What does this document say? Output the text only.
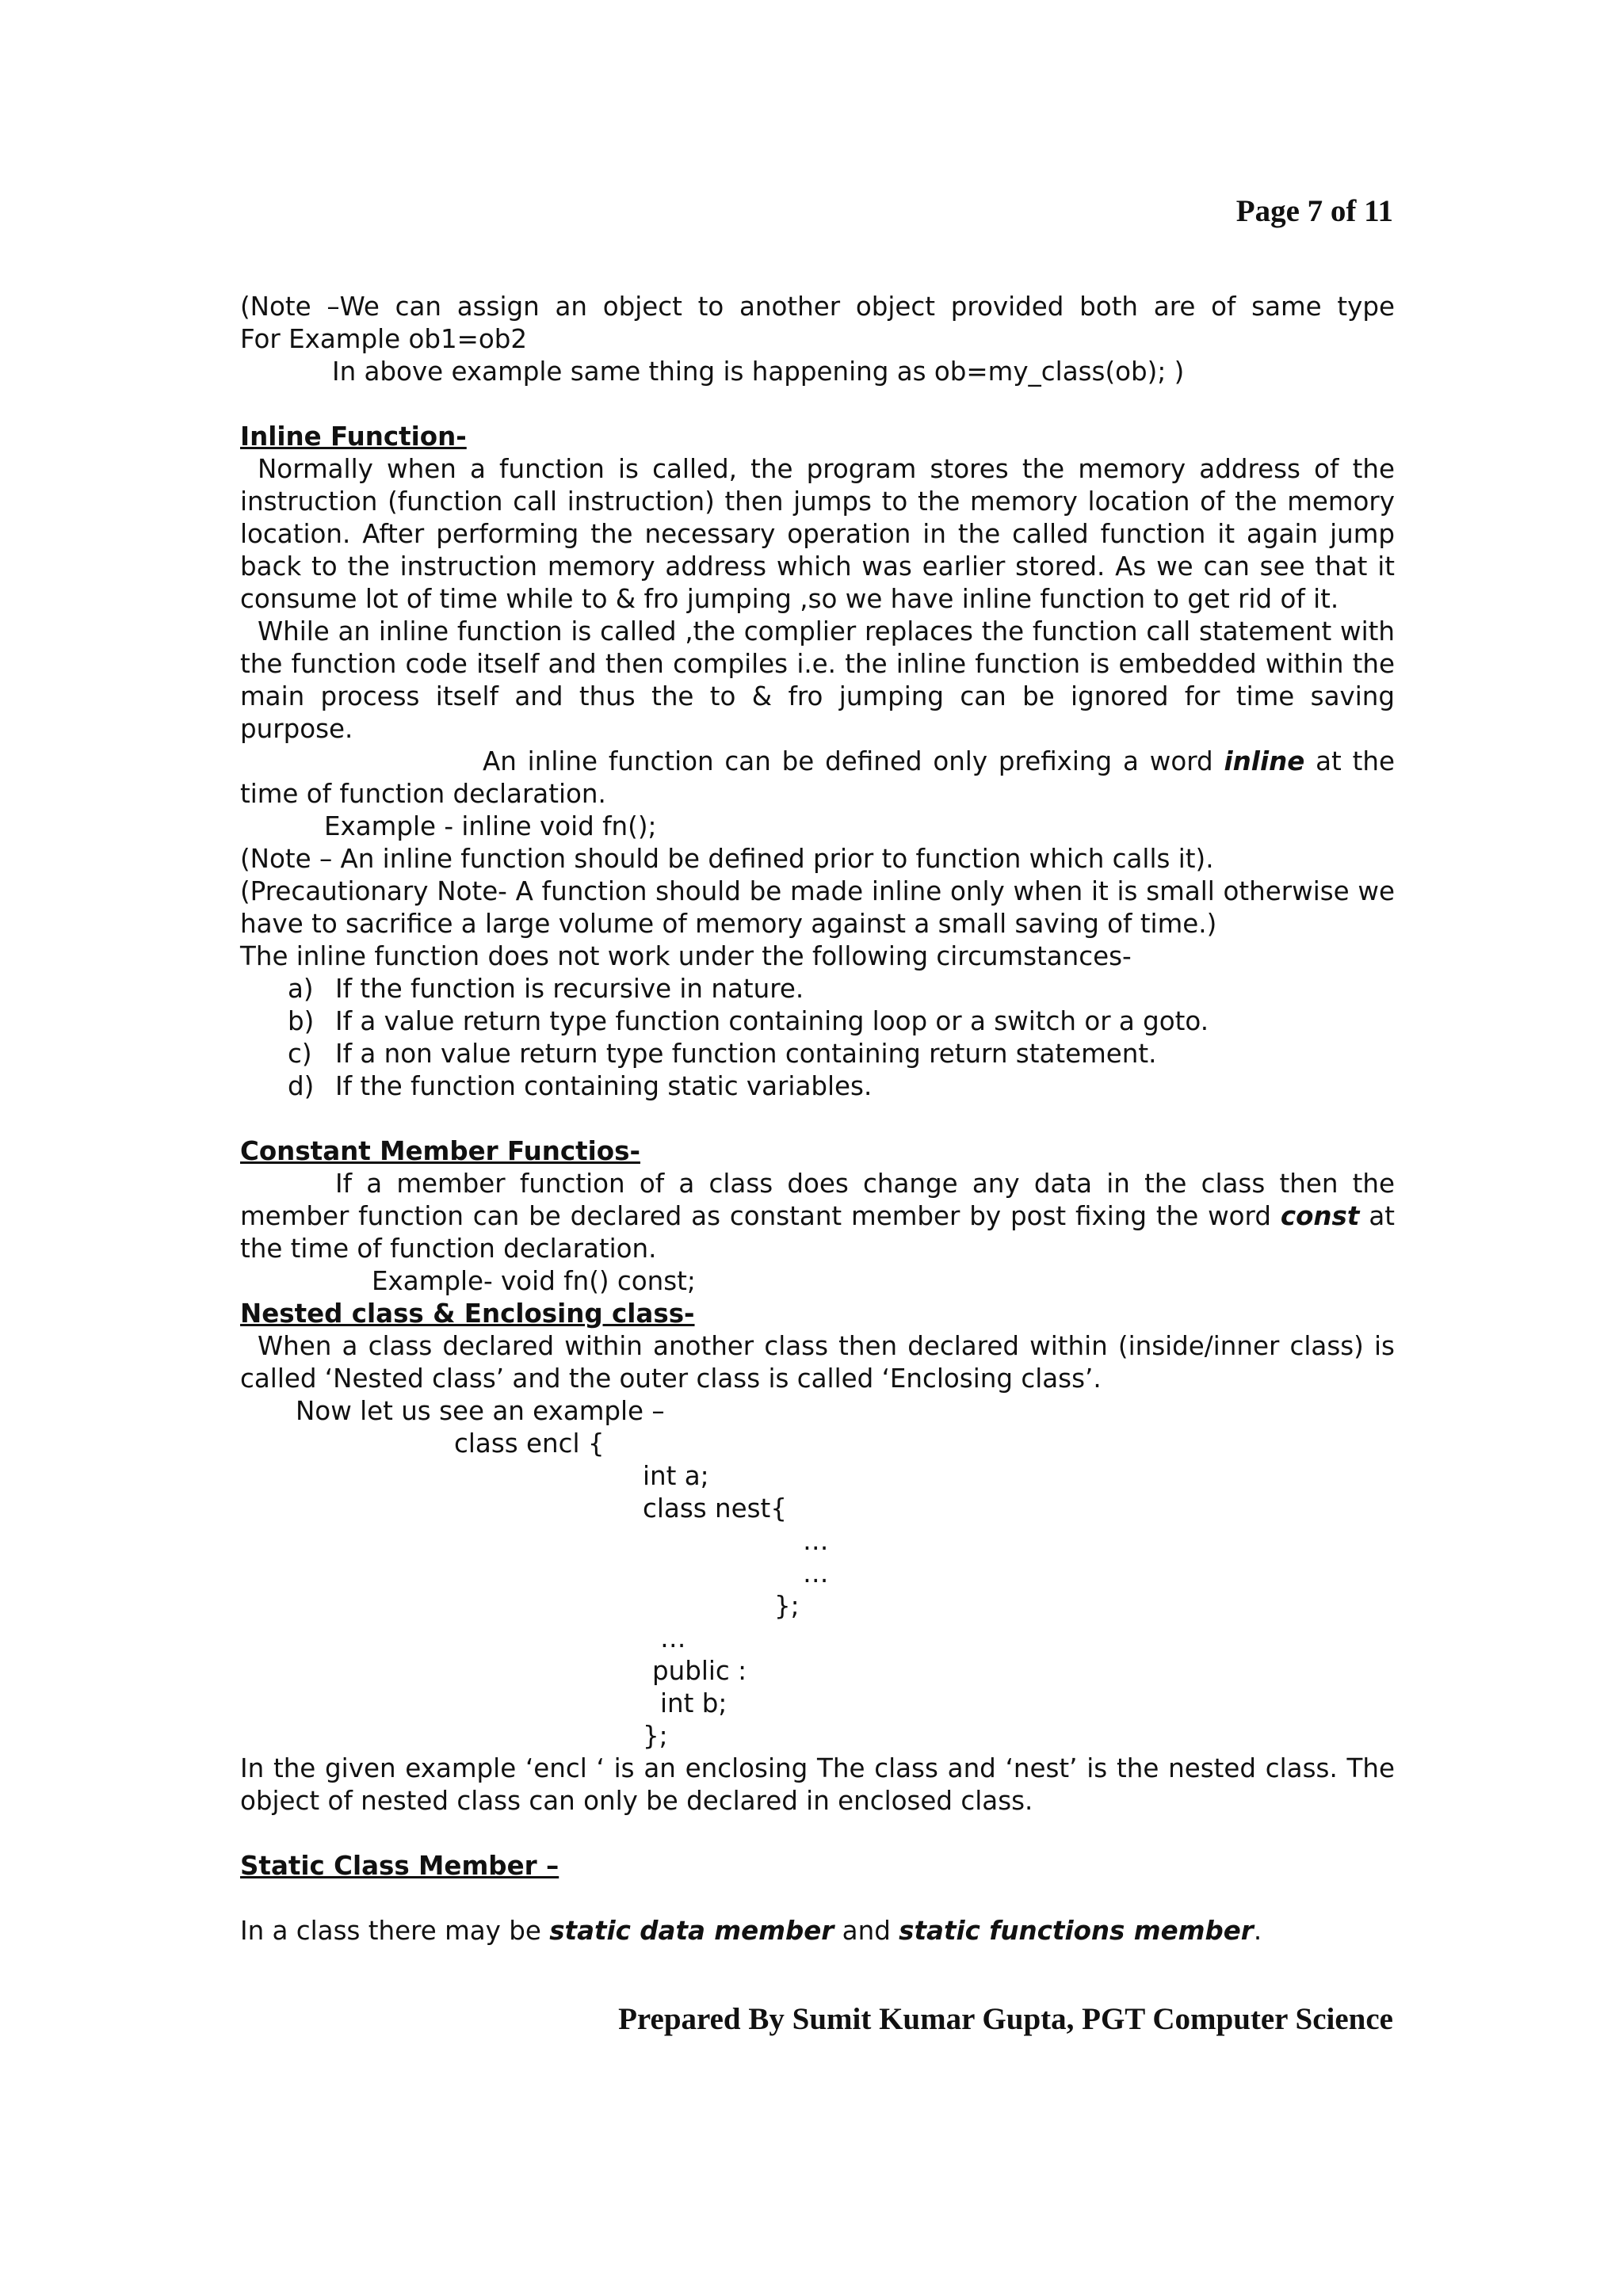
Page 7 of 11

(Note –We can assign an object to another object provided both are of same type

For Example ob1=ob2

In above example same thing is happening as ob=my_class(ob); )

Inline Function-

Normally when a function is called, the program stores the memory address of the instruction (function call instruction) then jumps to the memory location of the memory location. After performing the necessary operation in the called function it again jump back to the instruction memory address which was earlier stored. As we can see that it consume lot of time while to & fro jumping ,so we have inline function to get rid of it.

While an inline function is called ,the complier replaces the function call statement with the function code itself and then compiles i.e. the inline function is embedded within the main process itself and thus the to & fro jumping can be ignored for time saving purpose.

An inline function can be defined only prefixing a word inline at the time of function declaration.

Example - inline void fn();

(Note – An inline function should be defined prior to function which calls it).

(Precautionary Note- A function should be made inline only when it is small otherwise we have to sacrifice a large volume of memory against a small saving of time.)

The inline function does not work under the following circumstances-

a) If the function is recursive in nature.
b) If a value return type function containing loop or a switch or a goto.
c) If a non value return type function containing return statement.
d) If the function containing static variables.

Constant Member Functios-

If a member function of a class does change any data in the class then the member function can be declared as constant member by post fixing the word const at the time of function declaration.

Example- void fn() const;

Nested class & Enclosing class-

When a class declared within another class then declared within (inside/inner class) is called ‘Nested class’ and the outer class is called ‘Enclosing class’.

Now let us see an example –

class encl {

int a;

class nest{

…

…

};

…

public :

int b;

};

In the given example ‘encl ‘ is an enclosing The class and ‘nest’ is the nested class. The object of nested class can only be declared in enclosed class.

Static Class Member –

In a class there may be static data member and static functions member.

Prepared By Sumit Kumar Gupta, PGT Computer Science
